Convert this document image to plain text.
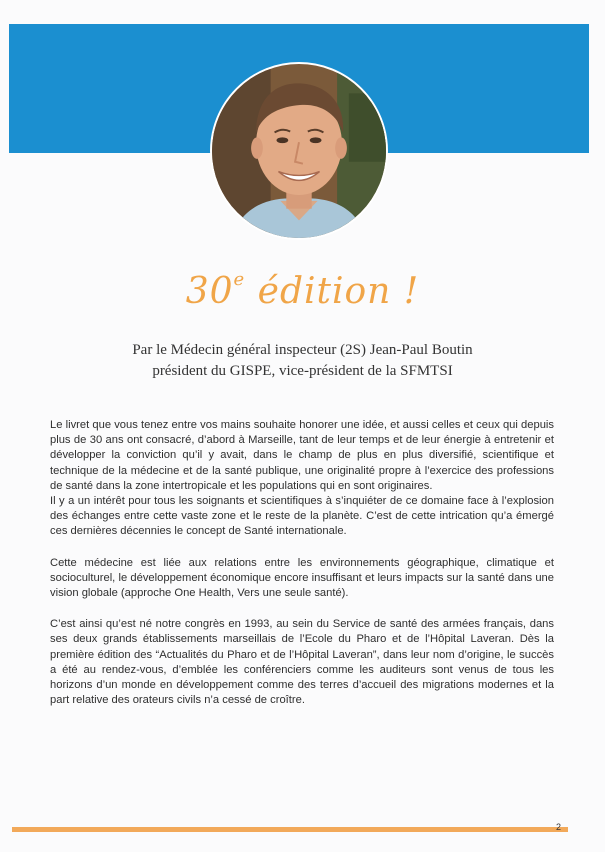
30e édition !
Par le Médecin général inspecteur (2S) Jean-Paul Boutin
président du GISPE, vice-président de la SFMTSI

Le livret que vous tenez entre vos mains souhaite honorer une idée, et aussi celles et ceux qui depuis plus de 30 ans ont consacré, d’abord à Marseille, tant de leur temps et de leur énergie à entretenir et développer la conviction qu’il y avait, dans le champ de plus en plus diversifié, scientifique et technique de la médecine et de la santé publique, une originalité propre à l’exercice des professions de santé dans la zone intertropicale et les populations qui en sont originaires.

Il y a un intérêt pour tous les soignants et scientifiques à s’inquiéter de ce domaine face à l’explosion des échanges entre cette vaste zone et le reste de la planète. C’est de cette intrication qu’a émergé ces dernières décennies le concept de Santé internationale.

Cette médecine est liée aux relations entre les environnements géographique, climatique et socioculturel, le développement économique encore insuffisant et leurs impacts sur la santé dans une vision globale (approche One Health, Vers une seule santé).

C’est ainsi qu’est né notre congrès en 1993, au sein du Service de santé des armées français, dans ses deux grands établissements marseillais de l’Ecole du Pharo et de l’Hôpital Laveran. Dès la première édition des “Actualités du Pharo et de l’Hôpital Laveran”, dans leur nom d’origine, le succès a été au rendez-vous, d’emblée les conférenciers comme les auditeurs sont venus de tous les horizons d’un monde en développement comme des terres d’accueil des migrations modernes et la part relative des orateurs civils n’a cessé de croître.

2
